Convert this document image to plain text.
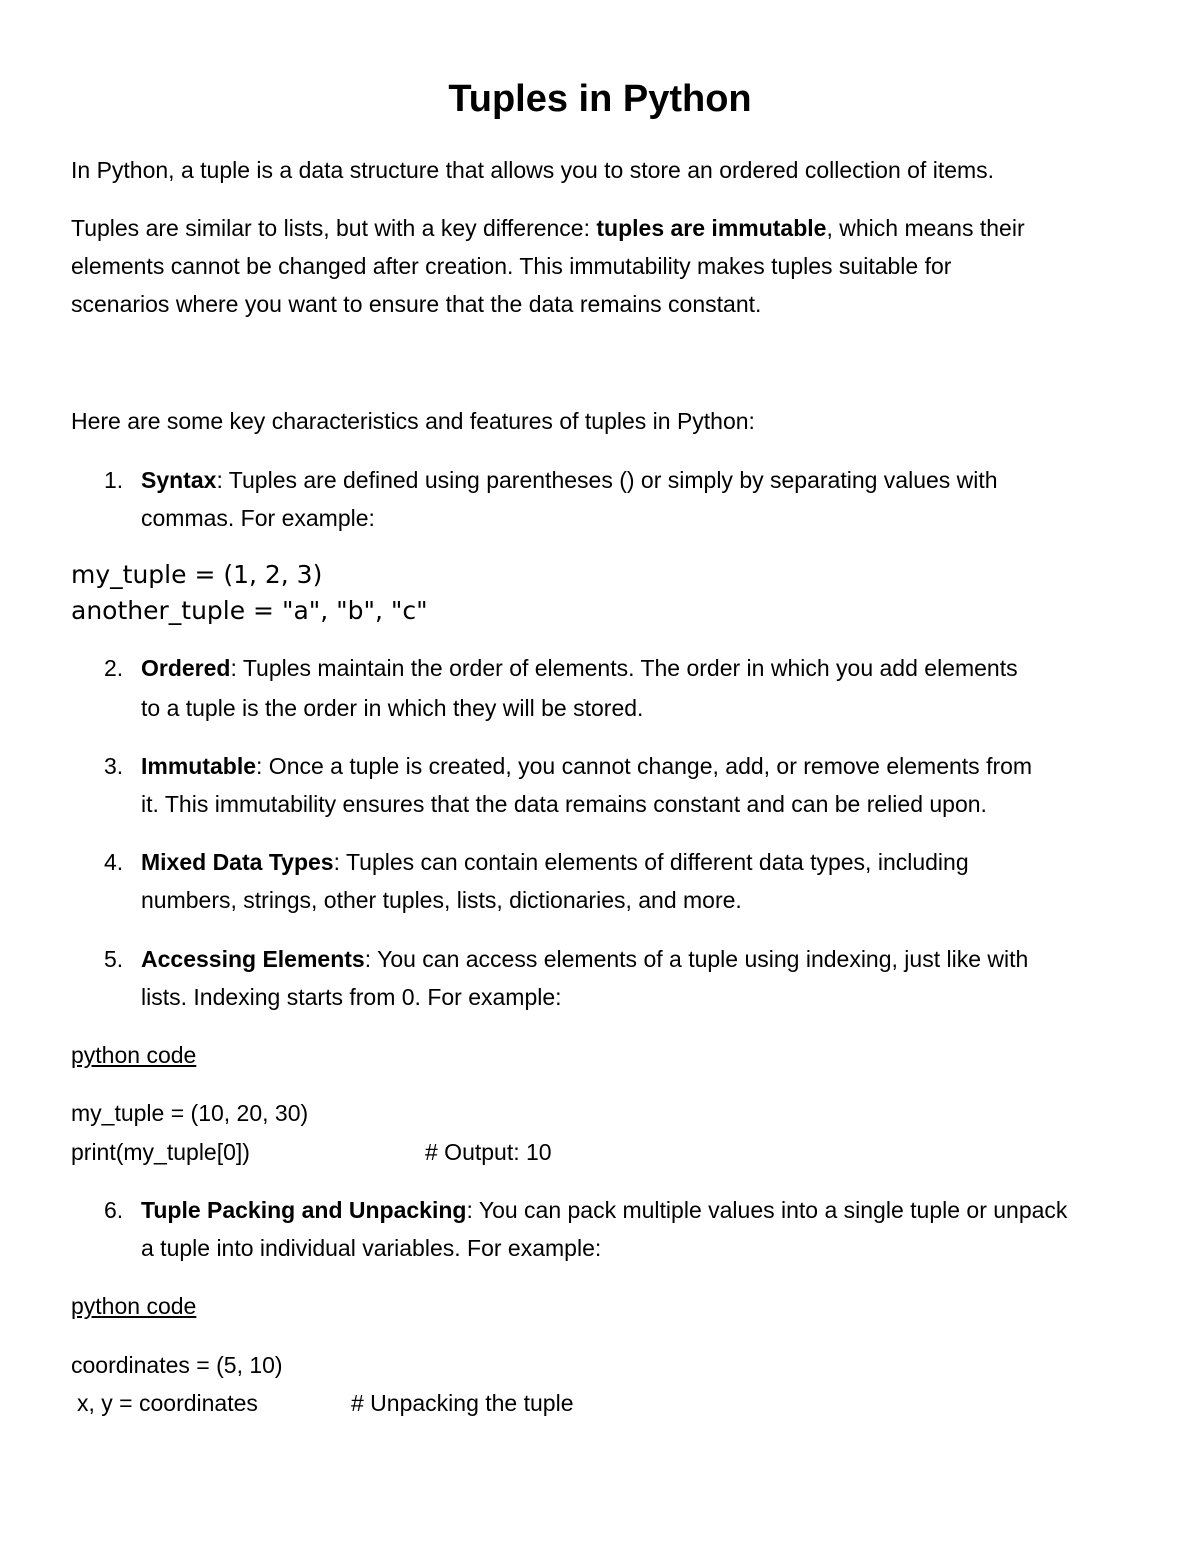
Tuples in Python
In Python, a tuple is a data structure that allows you to store an ordered collection of items.
Tuples are similar to lists, but with a key difference: tuples are immutable, which means their
elements cannot be changed after creation. This immutability makes tuples suitable for
scenarios where you want to ensure that the data remains constant.
Here are some key characteristics and features of tuples in Python:
1. Syntax: Tuples are defined using parentheses () or simply by separating values with
commas. For example:
my_tuple = (1, 2, 3)
another_tuple = "a", "b", "c"
2. Ordered: Tuples maintain the order of elements. The order in which you add elements
to a tuple is the order in which they will be stored.
3. Immutable: Once a tuple is created, you cannot change, add, or remove elements from
it. This immutability ensures that the data remains constant and can be relied upon.
4. Mixed Data Types: Tuples can contain elements of different data types, including
numbers, strings, other tuples, lists, dictionaries, and more.
5. Accessing Elements: You can access elements of a tuple using indexing, just like with
lists. Indexing starts from 0. For example:
python code
my_tuple = (10, 20, 30)
print(my_tuple[0])	# Output: 10
6. Tuple Packing and Unpacking: You can pack multiple values into a single tuple or unpack
a tuple into individual variables. For example:
python code
coordinates = (5, 10)
x, y = coordinates	# Unpacking the tuple
